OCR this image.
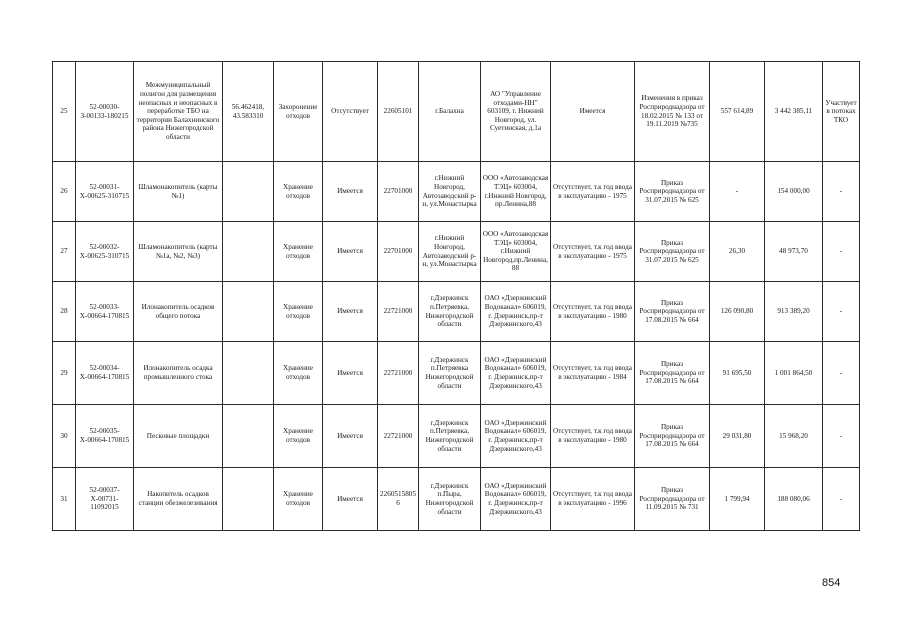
25	52-00030-З-00133-180215	Межмуниципальный полигон для размещения неопасных и неопасных в переработке ТБО на территории Балахнинского района Нижегородской области	56.462418, 43.583310	Захоронение отходов	Отсутствует	22605101	г.Балахна	АО "Управление отходами-НН" 603109, г. Нижний Новгород, ул. Суетинская, д.1а	Имеется	Изменения в приказ Росприроднадзора от 18.02.2015 № 133 от 19.11.2019 №735	557 614,89	3 442 385,11	Участвует в потоках ТКО
26	52-00031-Х-00625-310715	Шламонакопитель (карты №1)		Хранение отходов	Имеется	22701000	г.Нижний Новгород, Автозаводский р-н, ул.Монастырка	ООО «Автозаводская ТЭЦ» 603004, г.Нижний Новгород, пр.Ленина,88	Отсутствует, т.к год ввода в эксплуатацию - 1975	Приказ Росприроднадзора от 31.07.2015 № 625	-	154 000,00	-
27	52-00032-Х-00625-310715	Шламонакопитель (карты №1а, №2, №3)		Хранение отходов	Имеется	22701000	г.Нижний Новгород, Автозаводский р-н, ул.Монастырка	ООО «Автозаводская ТЭЦ» 603004, г.Нижний Новгород,пр.Ленина,88	Отсутствует, т.к год ввода в эксплуатацию - 1975	Приказ Росприроднадзора от 31.07.2015 № 625	26,30	48 973,70	-
28	52-00033-Х-00664-170815	Илонакопитель осадков общего потока		Хранение отходов	Имеется	22721000	г.Дзержинск п.Петряевка, Нижегородской области	ОАО «Дзержинский Водоканал» 606019, г. Дзержинск,пр-т Дзержинского,43	Отсутствует, т.к год ввода в эксплуатацию - 1980	Приказ Росприроднадзора от 17.08.2015 № 664	126 090,80	913 389,20	-
29	52-00034-Х-00664-170815	Илонакопитель осадка промышленного стока		Хранение отходов	Имеется	22721000	г.Дзержинск п.Петряевка Нижегородской области	ОАО «Дзержинский Водоканал» 606019, г. Дзержинск,пр-т Дзержинского,43	Отсутствует, т.к год ввода в эксплуатацию - 1984	Приказ Росприроднадзора от 17.08.2015 № 664	91 695,50	1 001 864,50	-
30	52-00035-Х-00664-170815	Песковые площадки		Хранение отходов	Имеется	22721000	г.Дзержинск п.Петряевка, Нижегородской области	ОАО «Дзержинский Водоканал» 606019, г. Дзержинск,пр-т Дзержинского,43	Отсутствует, т.к год ввода в эксплуатацию - 1980	Приказ Росприроднадзора от 17.08.2015 № 664	29 031,80	15 968,20	-
31	52-00037-Х-00731-11092015	Накопитель осадков станции обезжелезивания		Хранение отходов	Имеется	22605158056	г.Дзержинск п.Пыра, Нижегородской области	ОАО «Дзержинский Водоканал» 606019, г. Дзержинск,пр-т Дзержинского,43	Отсутствует, т.к год ввода в эксплуатацию - 1996	Приказ Росприроднадзора от 11.09.2015 № 731	1 799,94	188 080,06	-
854
